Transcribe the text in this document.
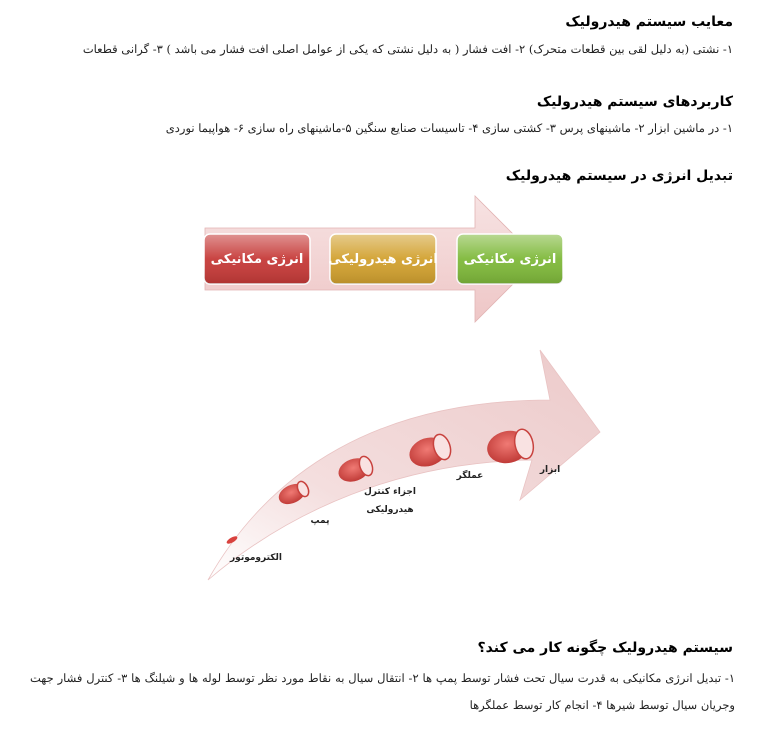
معایب سیستم هیدرولیک

۱- نشتی (به دلیل لقی بین قطعات متحرک) ۲- افت فشار ( به دلیل نشتی که یکی از عوامل اصلی افت فشار می باشد ) ۳- گرانی قطعات

کاربردهای سیستم هیدرولیک

۱- در ماشین ابزار ۲- ماشینهای پرس ۳- کشتی سازی ۴- تاسیسات صنایع سنگین ۵-ماشینهای راه سازی ۶- هواپیما نوردی

تبدیل انرژی در سیستم هیدرولیک
انرژی مکانیکی
انرژی هیدرولیکی
انرژی مکانیکی
الکتروموتور
پمپ
اجزاء کنترل
هیدرولیکی
عملگر
ابزار
سیستم هیدرولیک چگونه کار می کند؟

۱- تبدیل انرژی مکانیکی به قدرت سیال تحت فشار توسط پمپ ها ۲- انتقال سیال به نقاط مورد نظر توسط لوله ها و شیلنگ ها ۳- کنترل فشار جهت وجریان سیال توسط شیرها ۴- انجام کار توسط عملگرها
